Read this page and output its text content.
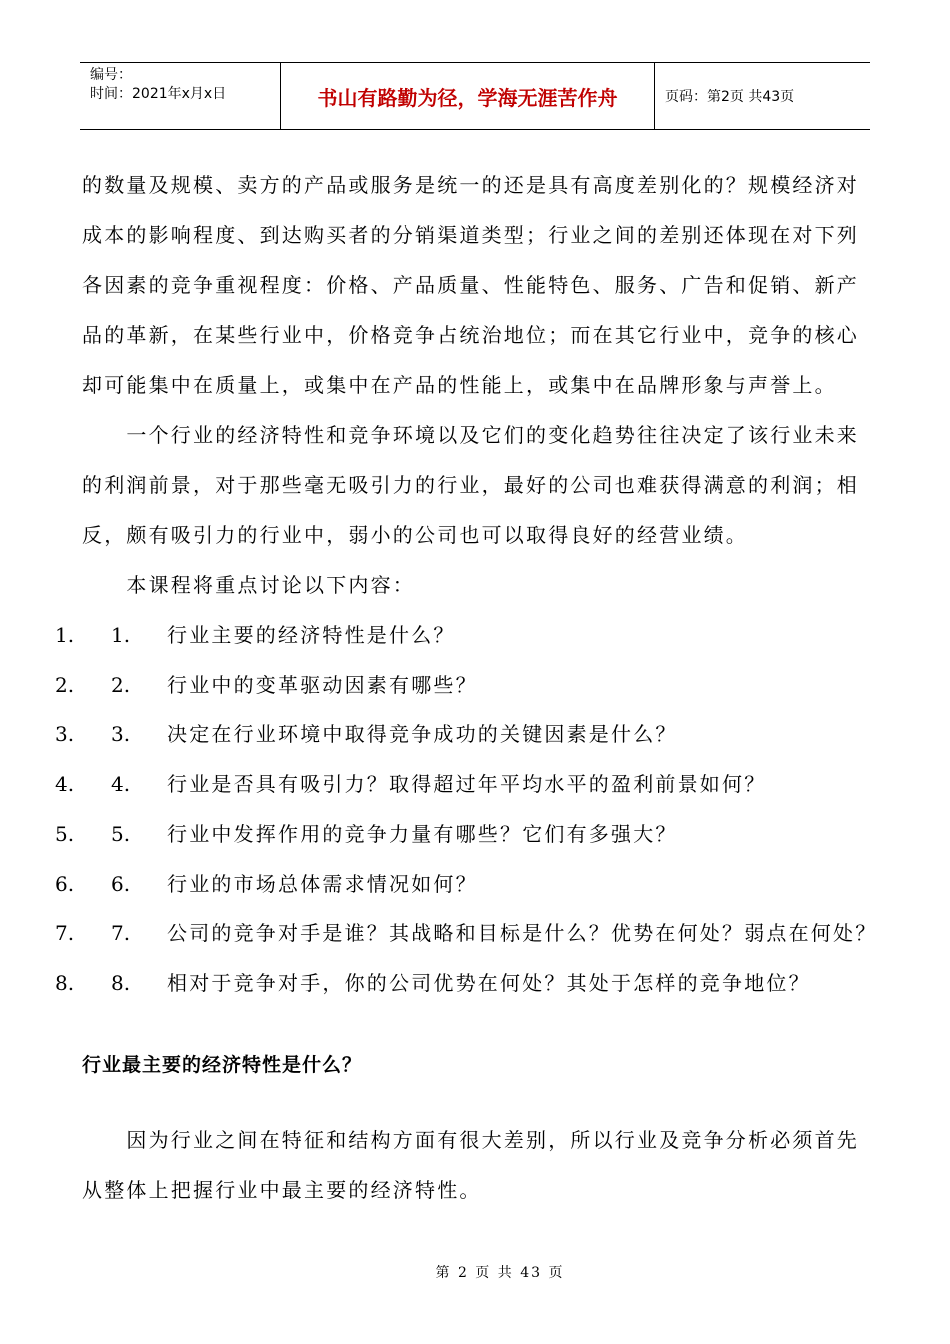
编号：
时间：2021年x月x日	书山有路勤为径，学海无涯苦作舟	页码：第2页 共43页
的数量及规模、卖方的产品或服务是统一的还是具有高度差别化的？规模经济对
成本的影响程度、到达购买者的分销渠道类型；行业之间的差别还体现在对下列
各因素的竞争重视程度：价格、产品质量、性能特色、服务、广告和促销、新产
品的革新，在某些行业中，价格竞争占统治地位；而在其它行业中，竞争的核心
却可能集中在质量上，或集中在产品的性能上，或集中在品牌形象与声誉上。
　　一个行业的经济特性和竞争环境以及它们的变化趋势往往决定了该行业未来
的利润前景，对于那些毫无吸引力的行业，最好的公司也难获得满意的利润；相
反，颇有吸引力的行业中，弱小的公司也可以取得良好的经营业绩。
　　本课程将重点讨论以下内容：
1. 1. 行业主要的经济特性是什么？
2. 2. 行业中的变革驱动因素有哪些？
3. 3. 决定在行业环境中取得竞争成功的关键因素是什么？
4. 4. 行业是否具有吸引力？取得超过年平均水平的盈利前景如何？
5. 5. 行业中发挥作用的竞争力量有哪些？它们有多强大？
6. 6. 行业的市场总体需求情况如何？
7. 7. 公司的竞争对手是谁？其战略和目标是什么？优势在何处？弱点在何处？
8. 8. 相对于竞争对手，你的公司优势在何处？其处于怎样的竞争地位？
行业最主要的经济特性是什么？
　　因为行业之间在特征和结构方面有很大差别，所以行业及竞争分析必须首先
从整体上把握行业中最主要的经济特性。
第 2 页 共 43 页
